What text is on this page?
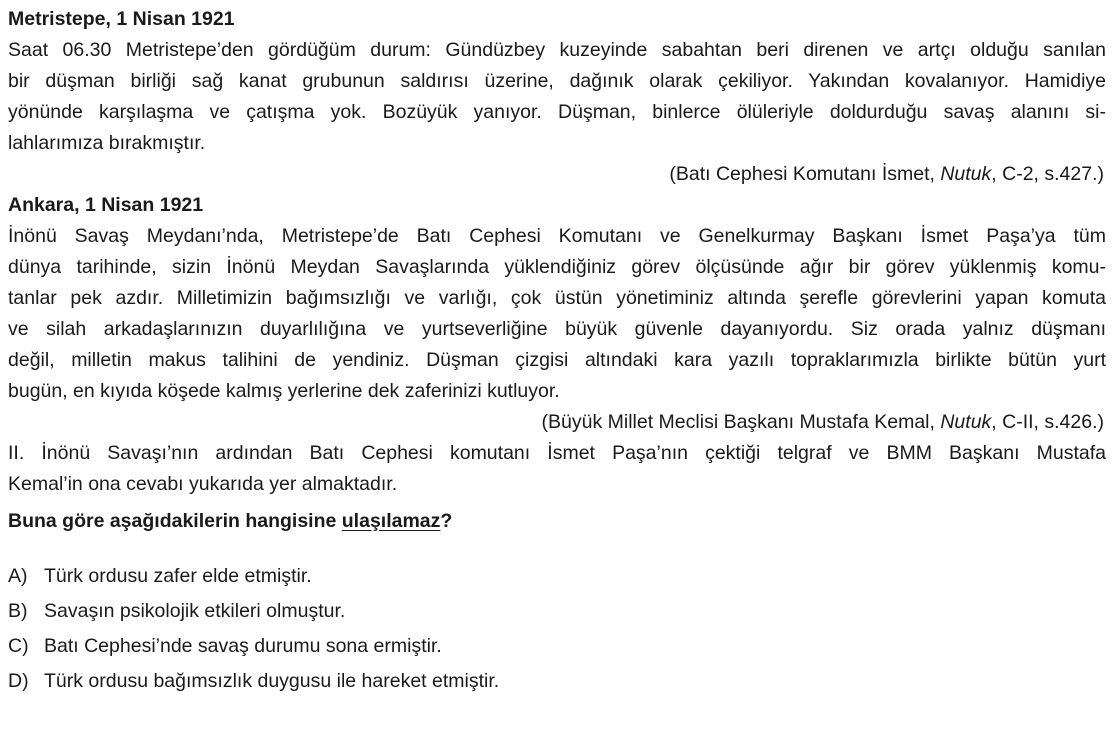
Metristepe, 1 Nisan 1921

Saat 06.30 Metristepe’den gördüğüm durum: Gündüzbey kuzeyinde sabahtan beri direnen ve artçı olduğu sanılan
bir düşman birliği sağ kanat grubunun saldırısı üzerine, dağınık olarak çekiliyor. Yakından kovalanıyor. Hamidiye
yönünde karşılaşma ve çatışma yok. Bozüyük yanıyor. Düşman, binlerce ölüleriyle doldurduğu savaş alanını si-
lahlarımıza bırakmıştır.

(Batı Cephesi Komutanı İsmet, Nutuk, C-2, s.427.)

Ankara, 1 Nisan 1921

İnönü Savaş Meydanı’nda, Metristepe’de Batı Cephesi Komutanı ve Genelkurmay Başkanı İsmet Paşa’ya tüm
dünya tarihinde, sizin İnönü Meydan Savaşlarında yüklendiğiniz görev ölçüsünde ağır bir görev yüklenmiş komu-
tanlar pek azdır. Milletimizin bağımsızlığı ve varlığı, çok üstün yönetiminiz altında şerefle görevlerini yapan komuta
ve silah arkadaşlarınızın duyarlılığına ve yurtseverliğine büyük güvenle dayanıyordu. Siz orada yalnız düşmanı
değil, milletin makus talihini de yendiniz. Düşman çizgisi altındaki kara yazılı topraklarımızla birlikte bütün yurt
bugün, en kıyıda köşede kalmış yerlerine dek zaferinizi kutluyor.

(Büyük Millet Meclisi Başkanı Mustafa Kemal, Nutuk, C-II, s.426.)

II. İnönü Savaşı’nın ardından Batı Cephesi komutanı İsmet Paşa’nın çektiği telgraf ve BMM Başkanı Mustafa
Kemal’in ona cevabı yukarıda yer almaktadır.

Buna göre aşağıdakilerin hangisine ulaşılamaz?

A) Türk ordusu zafer elde etmiştir.
B) Savaşın psikolojik etkileri olmuştur.
C) Batı Cephesi’nde savaş durumu sona ermiştir.
D) Türk ordusu bağımsızlık duygusu ile hareket etmiştir.
